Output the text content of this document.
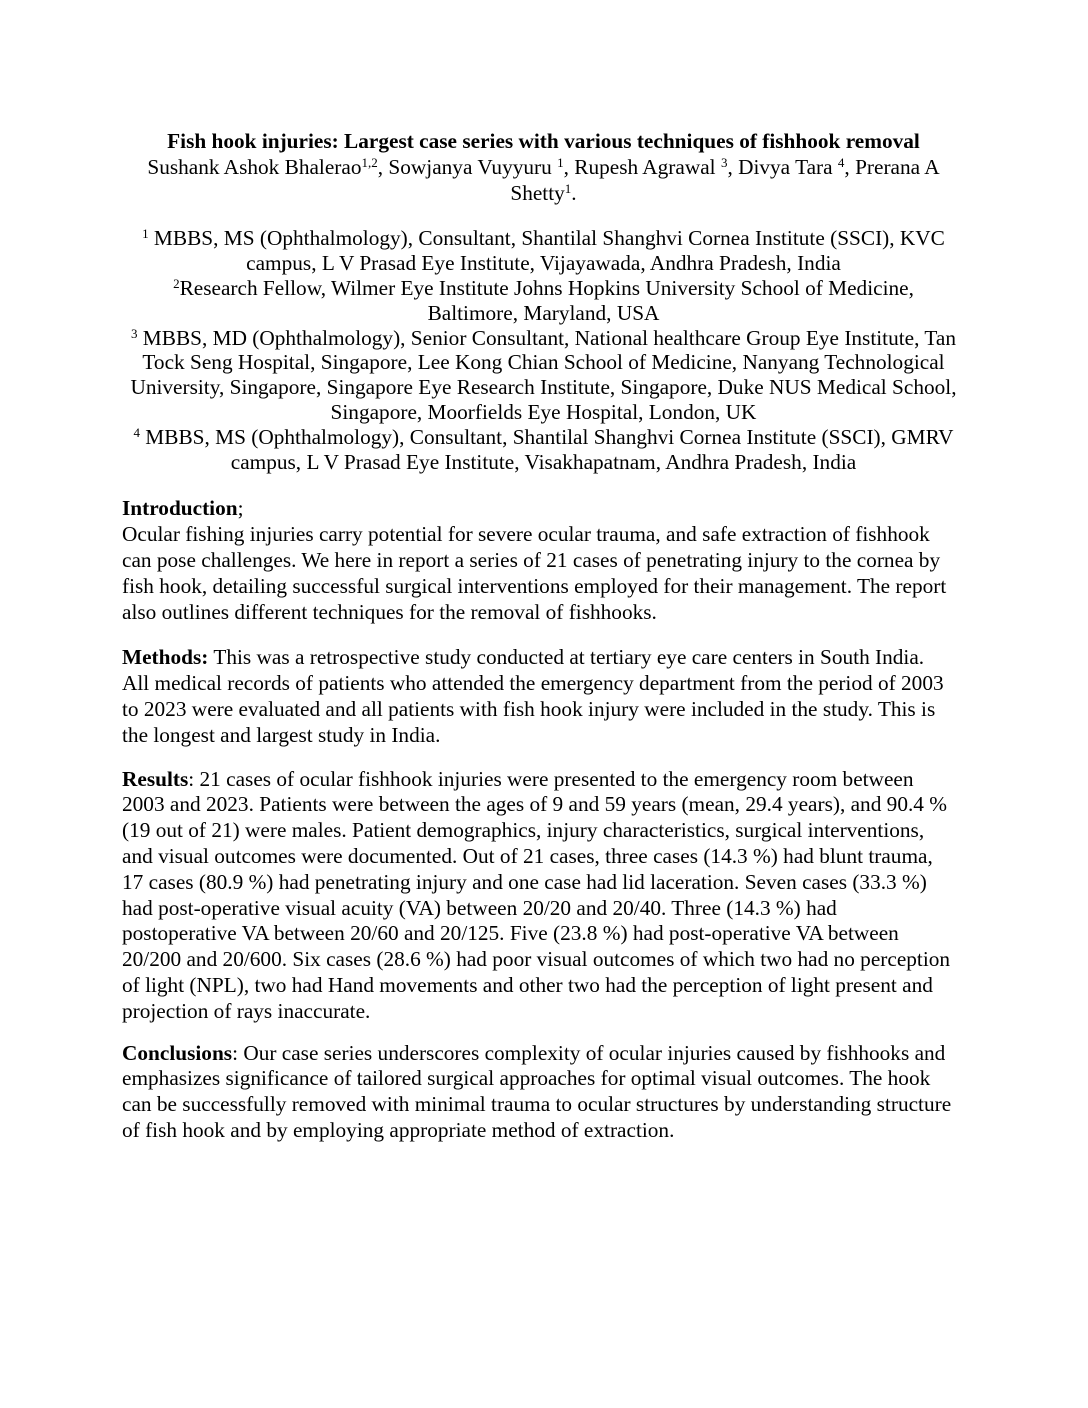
Fish hook injuries: Largest case series with various techniques of fishhook removal
Sushank Ashok Bhalerao$^{1,2}$, Sowjanya Vuyyuru $^1$, Rupesh Agrawal $^3$, Divya Tara $^4$, Prerana A
Shetty$^1$.
$^1$ MBBS, MS (Ophthalmology), Consultant, Shantilal Shanghvi Cornea Institute (SSCI), KVC
campus, L V Prasad Eye Institute, Vijayawada, Andhra Pradesh, India
$^2$Research Fellow, Wilmer Eye Institute Johns Hopkins University School of Medicine,
Baltimore, Maryland, USA
$^3$ MBBS, MD (Ophthalmology), Senior Consultant, National healthcare Group Eye Institute, Tan
Tock Seng Hospital, Singapore, Lee Kong Chian School of Medicine, Nanyang Technological
University, Singapore, Singapore Eye Research Institute, Singapore, Duke NUS Medical School,
Singapore, Moorfields Eye Hospital, London, UK
$^4$ MBBS, MS (Ophthalmology), Consultant, Shantilal Shanghvi Cornea Institute (SSCI), GMRV
campus, L V Prasad Eye Institute, Visakhapatnam, Andhra Pradesh, India
Introduction;
Ocular fishing injuries carry potential for severe ocular trauma, and safe extraction of fishhook
can pose challenges. We here in report a series of 21 cases of penetrating injury to the cornea by
fish hook, detailing successful surgical interventions employed for their management. The report
also outlines different techniques for the removal of fishhooks.
Methods: This was a retrospective study conducted at tertiary eye care centers in South India.
All medical records of patients who attended the emergency department from the period of 2003
to 2023 were evaluated and all patients with fish hook injury were included in the study. This is
the longest and largest study in India.
Results: 21 cases of ocular fishhook injuries were presented to the emergency room between
2003 and 2023. Patients were between the ages of 9 and 59 years (mean, 29.4 years), and 90.4 %
(19 out of 21) were males. Patient demographics, injury characteristics, surgical interventions,
and visual outcomes were documented. Out of 21 cases, three cases (14.3 %) had blunt trauma,
17 cases (80.9 %) had penetrating injury and one case had lid laceration. Seven cases (33.3 %)
had post-operative visual acuity (VA) between 20/20 and 20/40. Three (14.3 %) had
postoperative VA between 20/60 and 20/125. Five (23.8 %) had post-operative VA between
20/200 and 20/600. Six cases (28.6 %) had poor visual outcomes of which two had no perception
of light (NPL), two had Hand movements and other two had the perception of light present and
projection of rays inaccurate.
Conclusions: Our case series underscores complexity of ocular injuries caused by fishhooks and
emphasizes significance of tailored surgical approaches for optimal visual outcomes. The hook
can be successfully removed with minimal trauma to ocular structures by understanding structure
of fish hook and by employing appropriate method of extraction.
